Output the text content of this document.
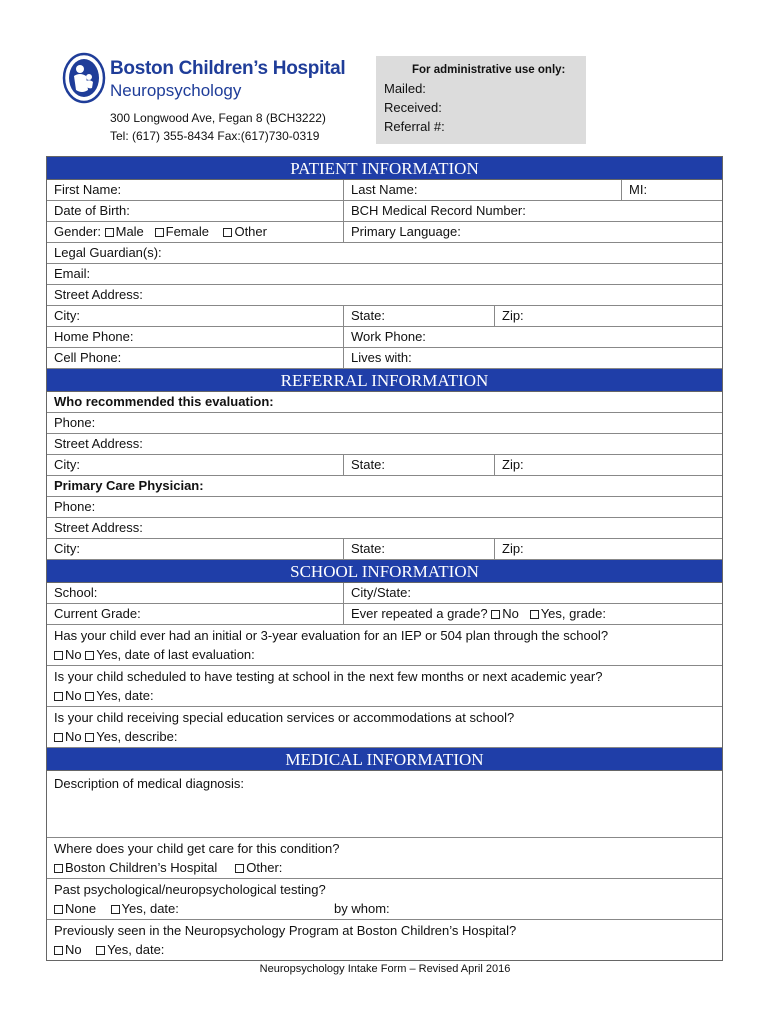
Boston Children’s Hospital
Neuropsychology
300 Longwood Ave, Fegan 8 (BCH3222)
Tel: (617) 355-8434 Fax:(617)730-0319
For administrative use only:
Mailed:
Received:
Referral #:
PATIENT INFORMATION
First Name:	Last Name:	MI:
Date of Birth:	BCH Medical Record Number:
Gender: Male Female Other	Primary Language:
Legal Guardian(s):
Email:
Street Address:
City:	State:	Zip:
Home Phone:	Work Phone:
Cell Phone:	Lives with:
REFERRAL INFORMATION
Who recommended this evaluation:
Phone:
Street Address:
City:	State:	Zip:
Primary Care Physician:
Phone:
Street Address:
City:	State:	Zip:
SCHOOL INFORMATION
School:	City/State:
Current Grade:	Ever repeated a grade? No Yes, grade:
Has your child ever had an initial or 3-year evaluation for an IEP or 504 plan through the school?
No Yes, date of last evaluation:
Is your child scheduled to have testing at school in the next few months or next academic year?
No Yes, date:
Is your child receiving special education services or accommodations at school?
No Yes, describe:
MEDICAL INFORMATION
Description of medical diagnosis:
Where does your child get care for this condition?
Boston Children’s Hospital Other:
Past psychological/neuropsychological testing?
None Yes, date:	by whom:
Previously seen in the Neuropsychology Program at Boston Children’s Hospital?
No Yes, date:
Neuropsychology Intake Form – Revised April 2016
